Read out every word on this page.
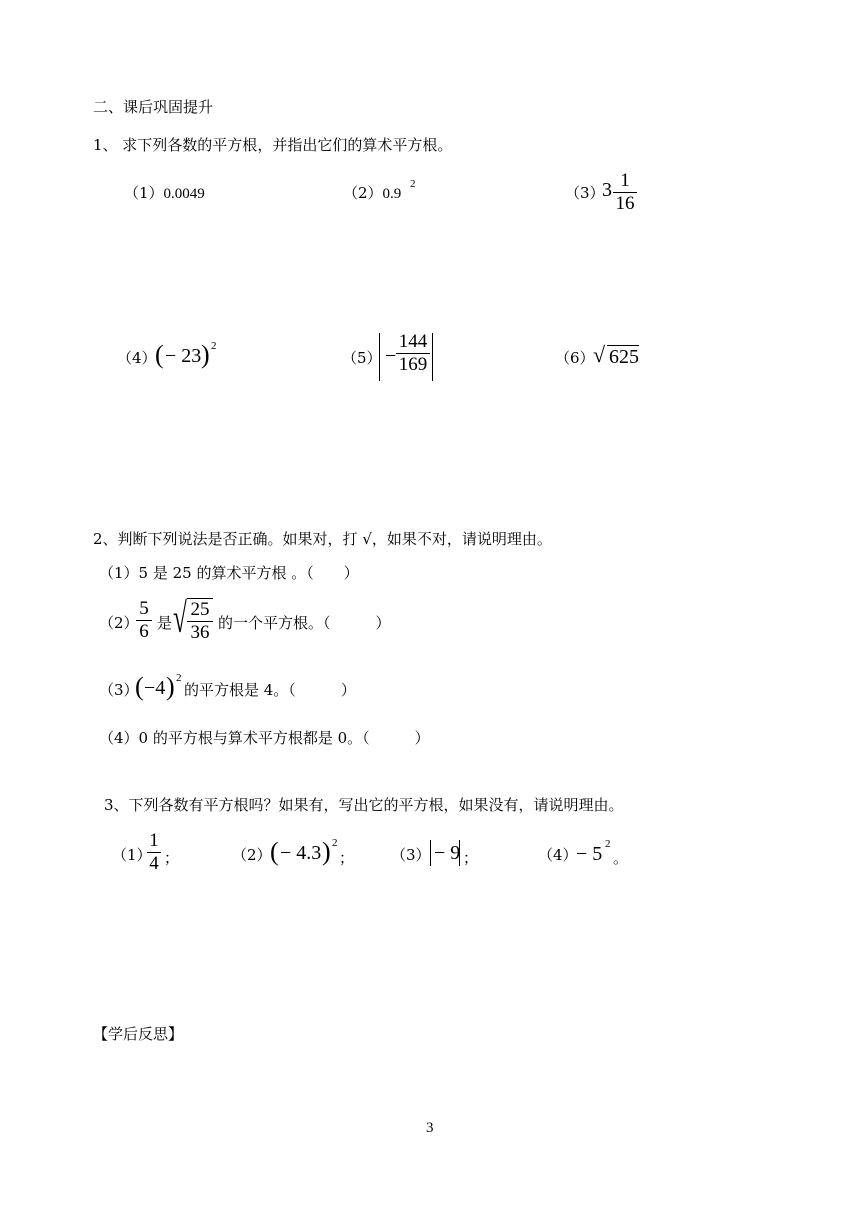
二、课后巩固提升
1、 求下列各数的平方根，并指出它们的算术平方根。
（1）0.0049	（2）0.9
2	（3）
3 1
16
（4）
( − 23 ) 2
（5） −
144
169	（6）
√ 625
2、判断下列说法是否正确。如果对，打 √，如果不对，请说明理由。
（1）5 是 25 的算术平方根 。（　　）
（2）
5
6 是 √ 25
36 的一个平方根。（　　　）
（3）
( −4 ) 2
的平方根是 4。（　　　）
（4）0 的平方根与算术平方根都是 0。（　　　）
3、下列各数有平方根吗？如果有，写出它的平方根，如果没有，请说明理由。
（1）
1
4 ；	（2）
( − 4.3 ) 2
； （3） − 9 ；	（4）
− 5 2
。
【学后反思】
3
